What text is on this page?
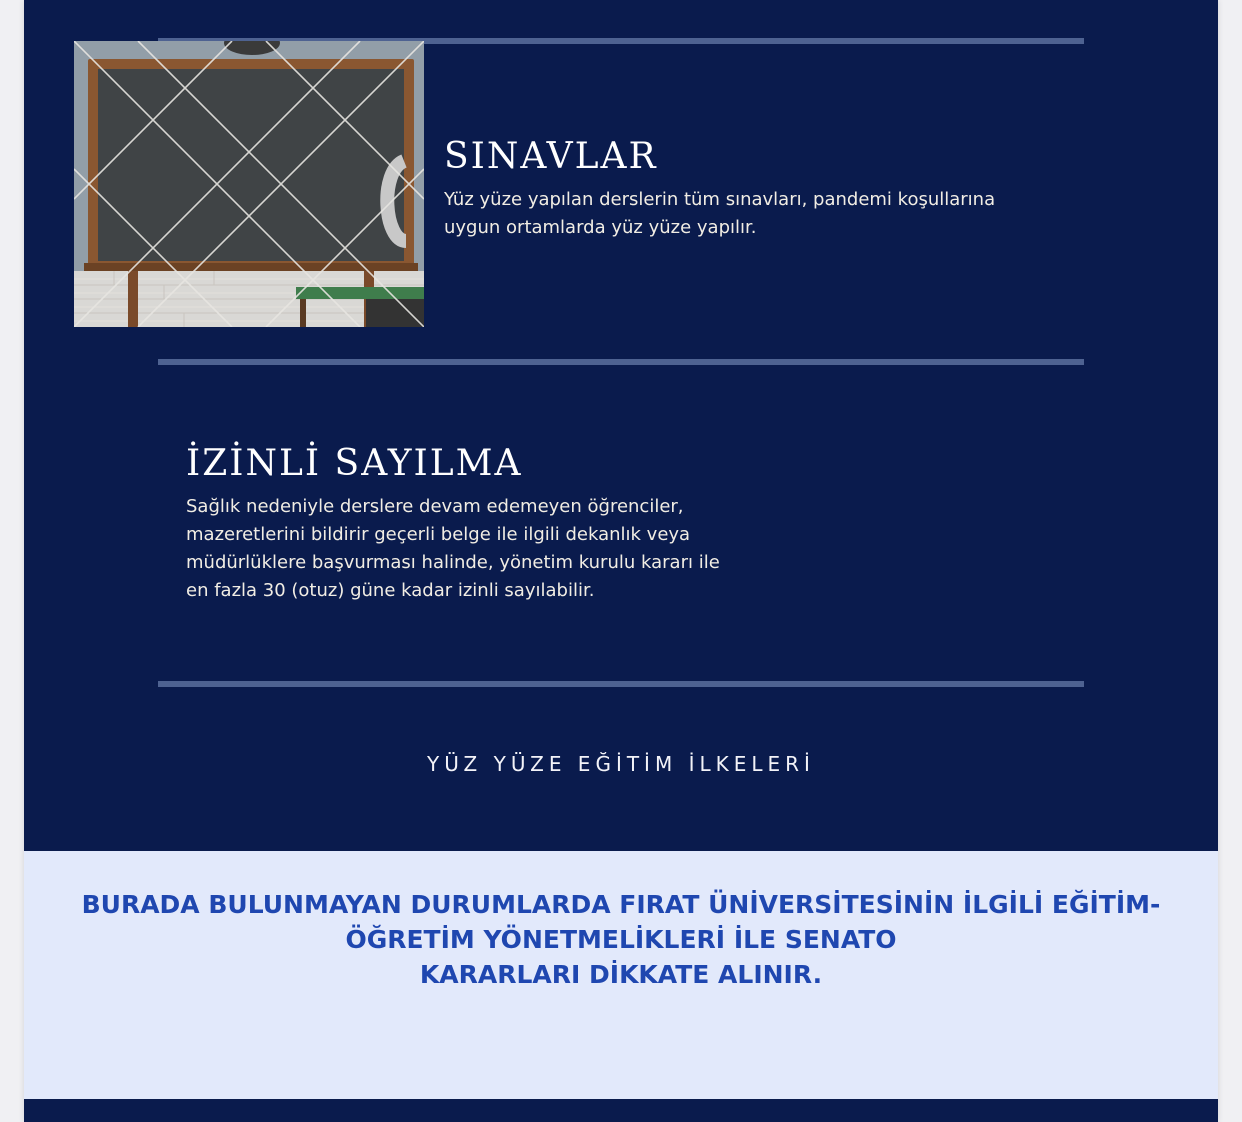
SINAVLAR
Yüz yüze yapılan derslerin tüm sınavları, pandemi koşullarına
uygun ortamlarda yüz yüze yapılır.
İZİNLİ SAYILMA
Sağlık nedeniyle derslere devam edemeyen öğrenciler,
mazeretlerini bildirir geçerli belge ile ilgili dekanlık veya
müdürlüklere başvurması halinde, yönetim kurulu kararı ile
en fazla 30 (otuz) güne kadar izinli sayılabilir.
YÜZ YÜZE EĞİTİM İLKELERİ
BURADA BULUNMAYAN DURUMLARDA FIRAT ÜNİVERSİTESİNİN İLGİLİ EĞİTİM-
ÖĞRETİM YÖNETMELİKLERİ İLE SENATO
KARARLARI DİKKATE ALINIR.
